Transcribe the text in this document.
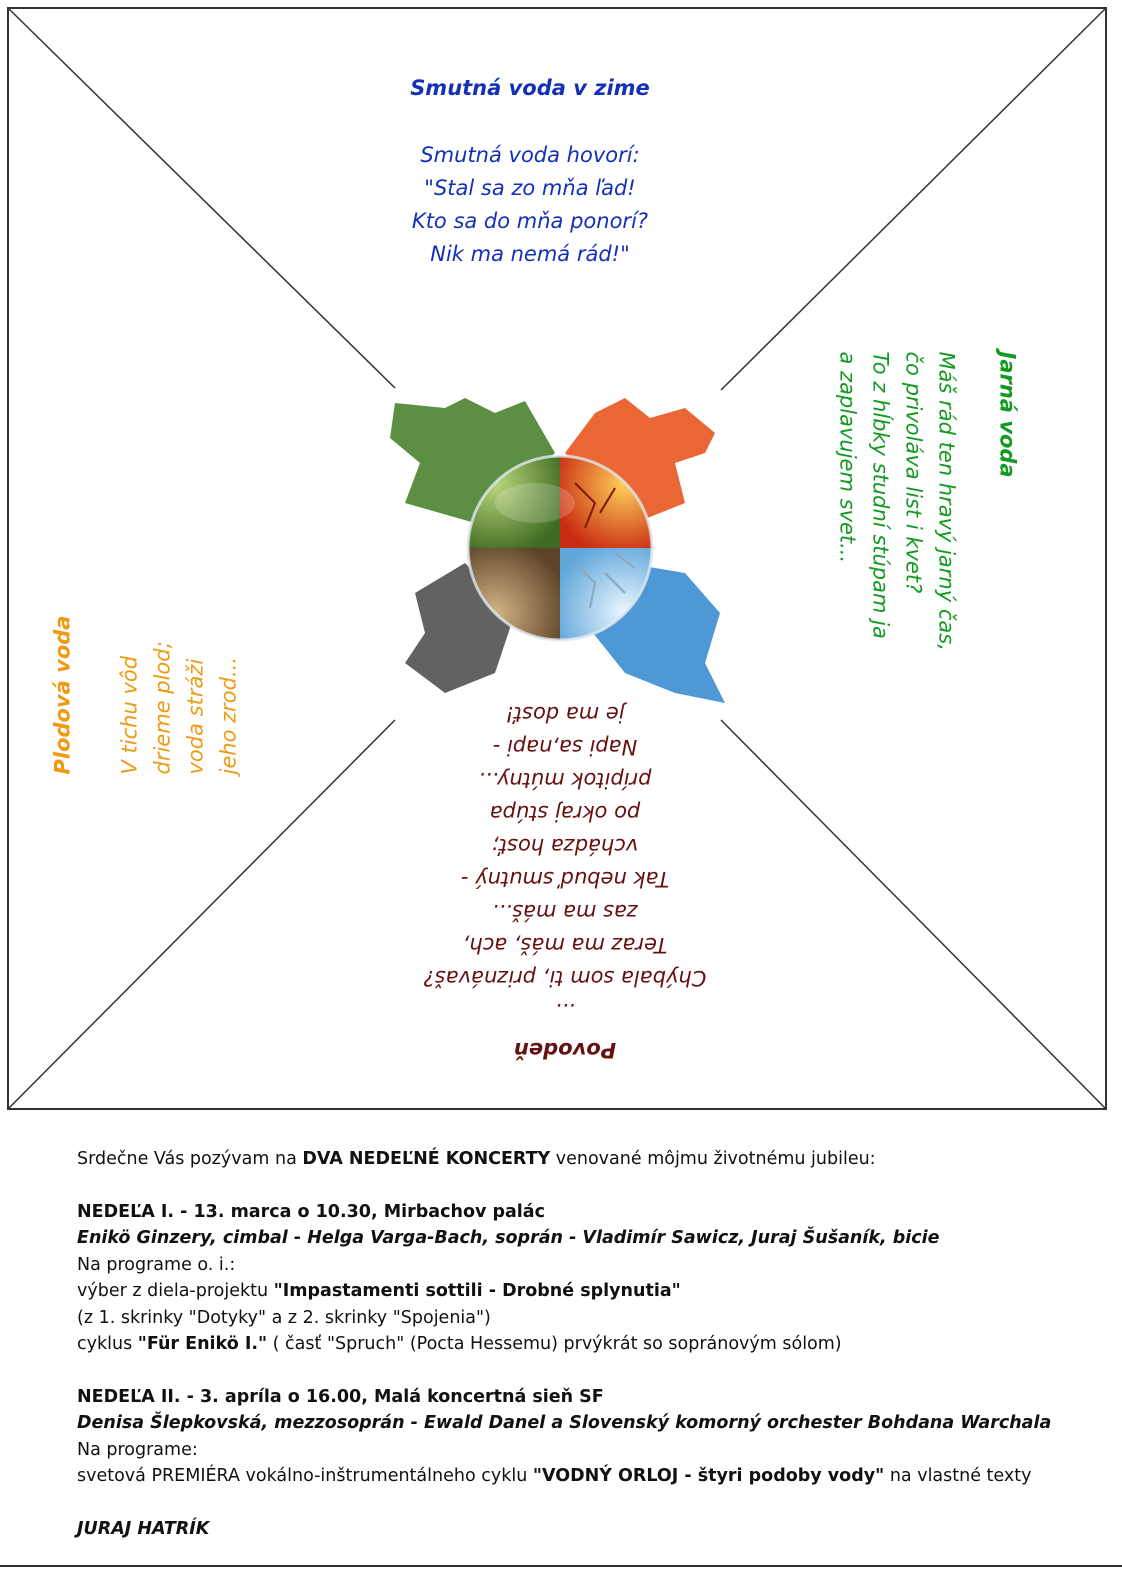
Smutná voda v zime
Smutná voda hovorí:
"Stal sa zo mňa ľad!
Kto sa do mňa ponorí?
Nik ma nemá rád!"
Plodová voda V tichu vôd drieme plod; voda stráži jeho zrod...
Jarná voda
Máš rád ten hravý jarný čas,
čo privoláva list i kvet?
To z hĺbky studní stúpam ja
a zaplavujem svet...
Povodeň
...
Chýbala som ti, priznávaš?
Teraz ma máš, ach,
zas ma máš...
Tak nebuď smutný -
vchádza hosť;
po okraj stúpa
prípitok mútny...
Napi sa,napi -
je ma dosť!
Srdečne Vás pozývam na DVA NEDEĽNÉ KONCERTY venované môjmu životnému jubileu:
NEDEĽA I. - 13. marca o 10.30, Mirbachov palác
Enikö Ginzery, cimbal - Helga Varga-Bach, soprán - Vladimír Sawicz, Juraj Šušaník, bicie
Na programe o. i.:
výber z diela-projektu "Impastamenti sottili - Drobné splynutia"
(z 1. skrinky "Dotyky" a z 2. skrinky "Spojenia")
cyklus "Für Enikö I." ( časť "Spruch" (Pocta Hessemu) prvýkrát so sopránovým sólom)
NEDEĽA II. - 3. apríla o 16.00, Malá koncertná sieň SF
Denisa Šlepkovská, mezzosoprán - Ewald Danel a Slovenský komorný orchester Bohdana Warchala
Na programe:
svetová PREMIÉRA vokálno-inštrumentálneho cyklu "VODNÝ ORLOJ - štyri podoby vody" na vlastné texty
JURAJ HATRÍK
